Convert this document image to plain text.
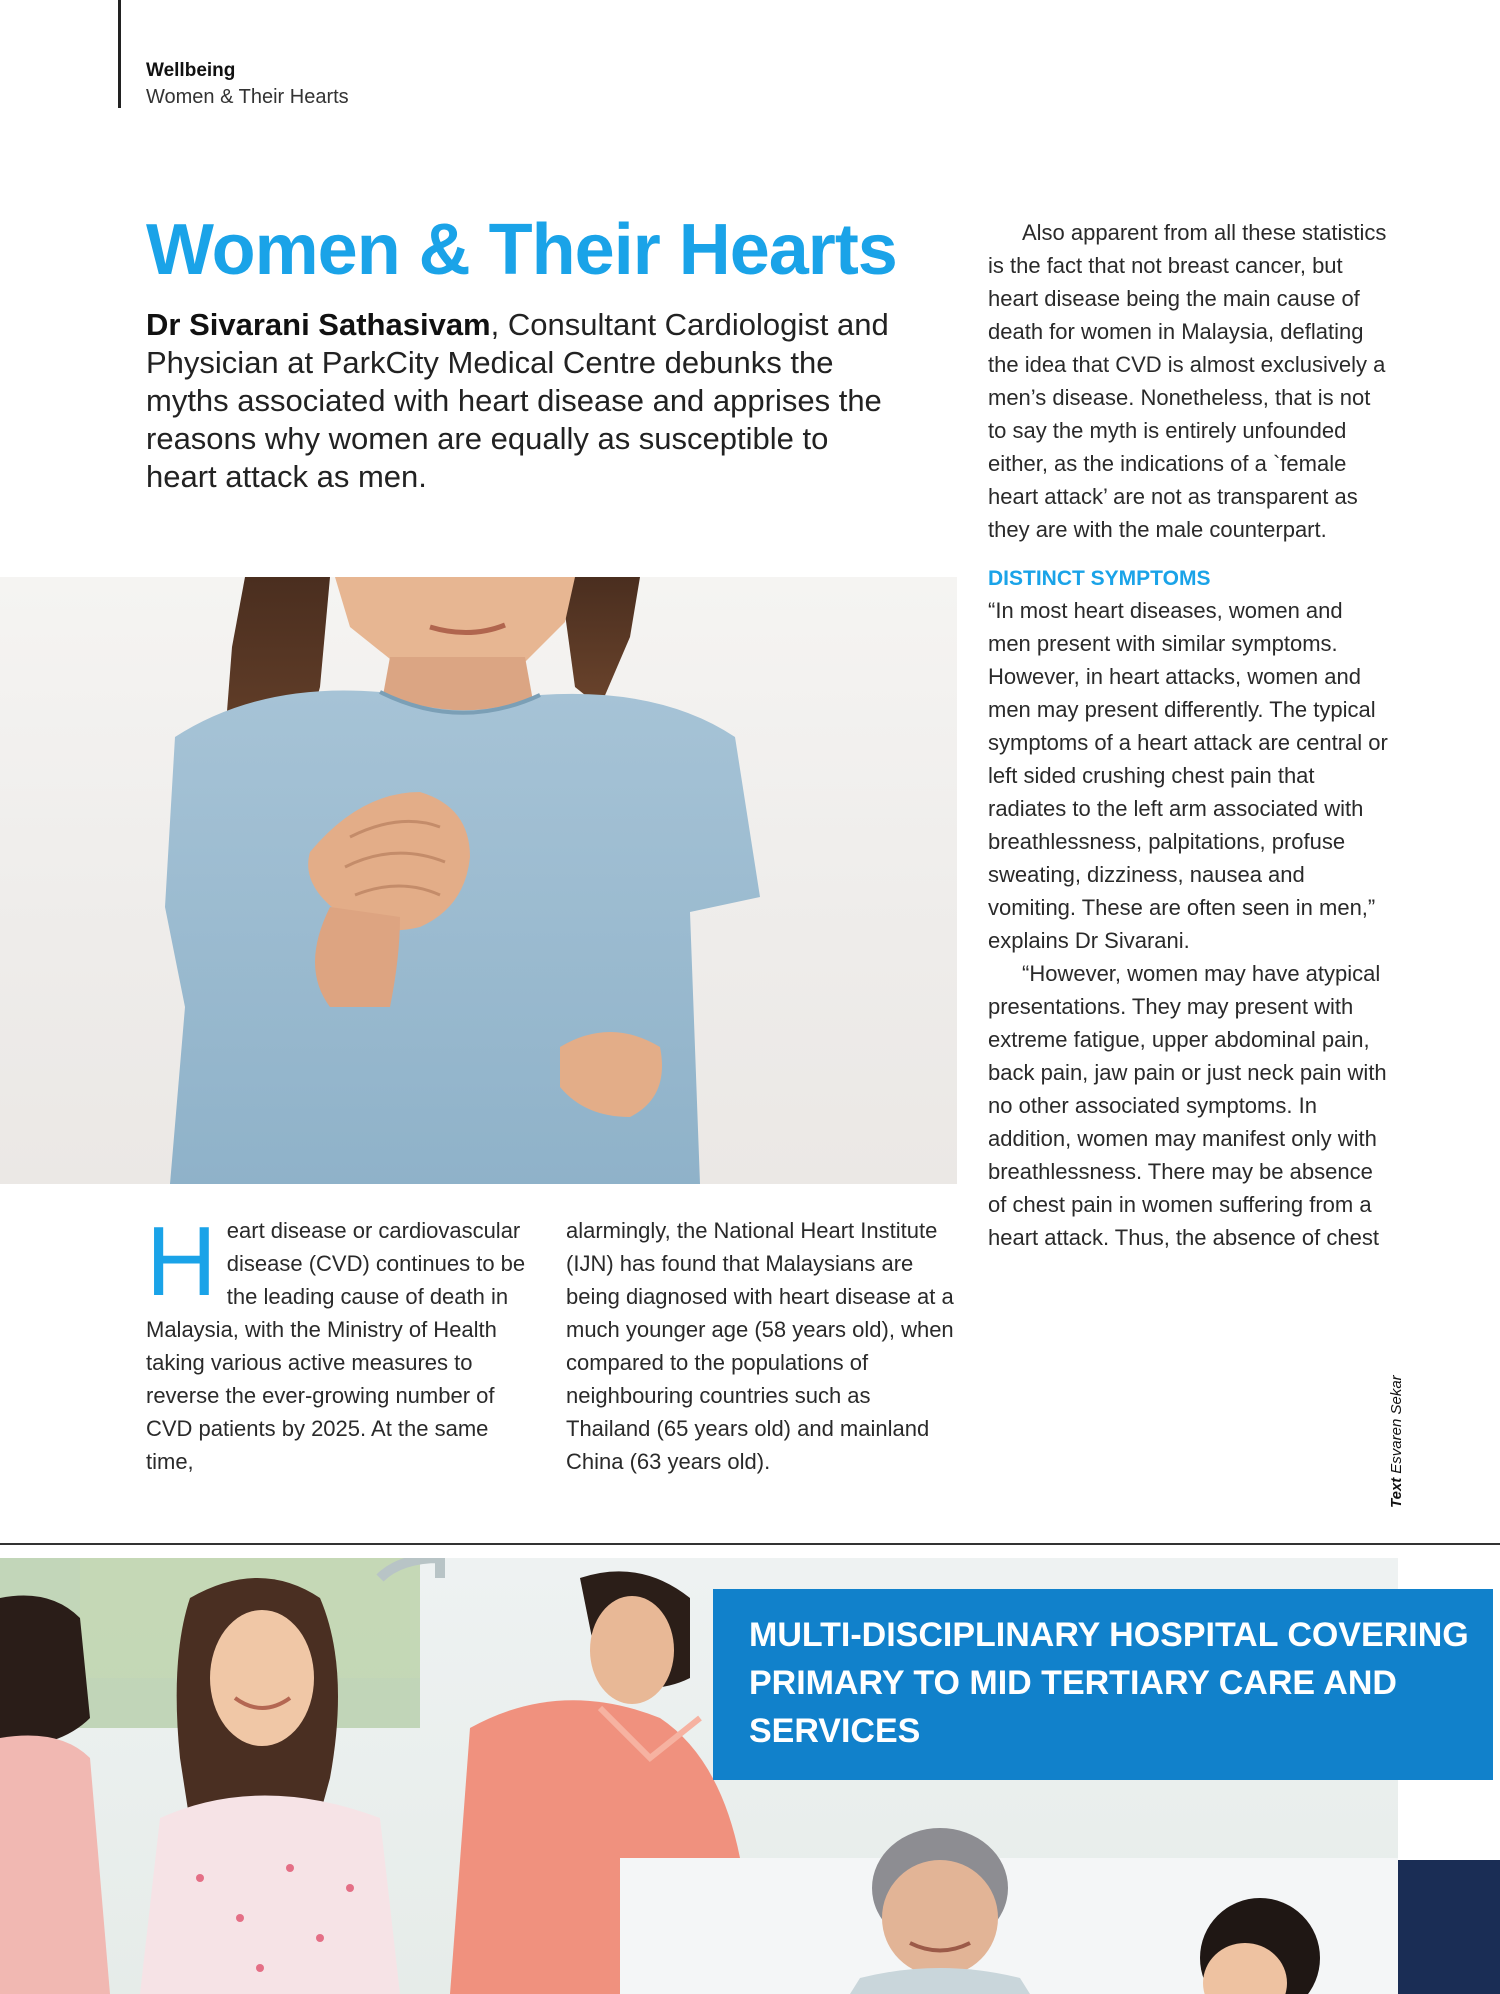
Wellbeing
Women & Their Hearts
Women & Their Hearts

Dr Sivarani Sathasivam, Consultant Cardiologist and Physician at ParkCity Medical Centre debunks the myths associated with heart disease and apprises the reasons why women are equally as susceptible to heart attack as men.

Heart disease or cardiovascular disease (CVD) continues to be the leading cause of death in Malaysia, with the Ministry of Health taking various active measures to reverse the ever-growing number of CVD patients by 2025. At the same time,

alarmingly, the National Heart Institute (IJN) has found that Malaysians are being diagnosed with heart disease at a much younger age (58 years old), when compared to the populations of neighbouring countries such as Thailand (65 years old) and mainland China (63 years old).

Also apparent from all these statistics is the fact that not breast cancer, but heart disease being the main cause of death for women in Malaysia, deflating the idea that CVD is almost exclusively a men’s disease. Nonetheless, that is not to say the myth is entirely unfounded either, as the indications of a `female heart attack’ are not as transparent as they are with the male counterpart.

DISTINCT SYMPTOMS

“In most heart diseases, women and men present with similar symptoms. However, in heart attacks, women and men may present differently. The typical symptoms of a heart attack are central or left sided crushing chest pain that radiates to the left arm associated with breathlessness, palpitations, profuse sweating, dizziness, nausea and vomiting. These are often seen in men,” explains Dr Sivarani.

“However, women may have atypical presentations. They may present with extreme fatigue, upper abdominal pain, back pain, jaw pain or just neck pain with no other associated symptoms. In addition, women may manifest only with breathlessness. There may be absence of chest pain in women suffering from a heart attack. Thus, the absence of chest

TextEsvaren Sekar
MULTI-DISCIPLINARY HOSPITAL COVERING PRIMARY TO MID TERTIARY CARE AND SERVICES
